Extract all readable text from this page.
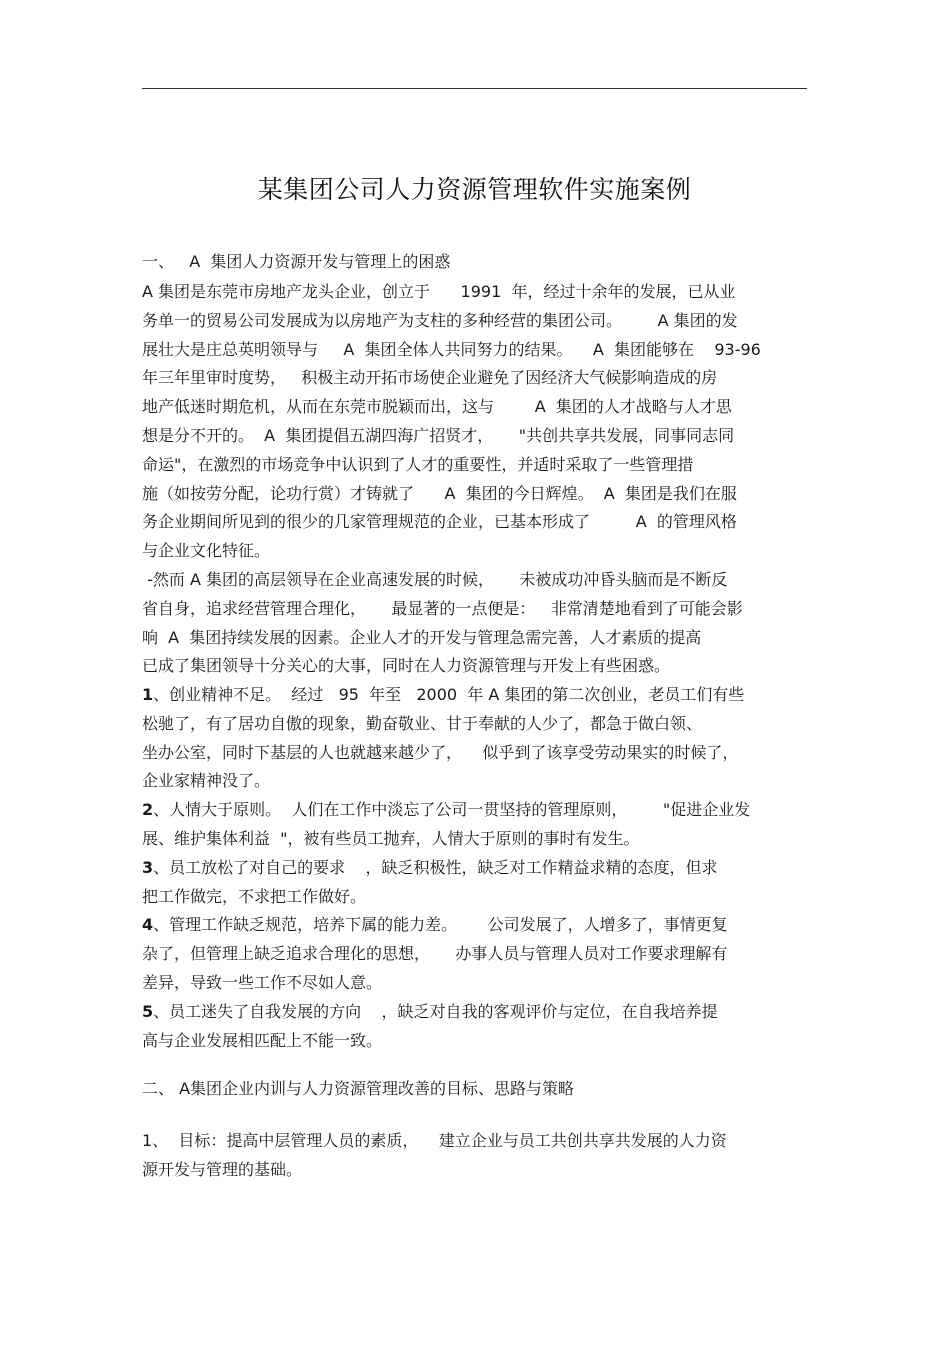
某集团公司人力资源管理软件实施案例
一、   A  集团人力资源开发与管理上的困惑
A 集团是东莞市房地产龙头企业，创立于      1991  年，经过十余年的发展，已从业
务单一的贸易公司发展成为以房地产为支柱的多种经营的集团公司。       A 集团的发
展壮大是庄总英明领导与     A  集团全体人共同努力的结果。    A  集团能够在    93-96
年三年里审时度势，   积极主动开拓市场使企业避免了因经济大气候影响造成的房
地产低迷时期危机，从而在东莞市脱颖而出，这与        A  集团的人才战略与人才思
想是分不开的。  A  集团提倡五湖四海广招贤才，     "共创共享共发展，同事同志同
命运"，在激烈的市场竞争中认识到了人才的重要性，并适时采取了一些管理措
施（如按劳分配，论功行赏）才铸就了      A  集团的今日辉煌。  A  集团是我们在服
务企业期间所见到的很少的几家管理规范的企业，已基本形成了         A  的管理风格
与企业文化特征。
-然而 A 集团的高层领导在企业高速发展的时候，     未被成功冲昏头脑而是不断反
省自身，追求经营管理合理化，     最显著的一点便是：   非常清楚地看到了可能会影
响  A  集团持续发展的因素。企业人才的开发与管理急需完善，人才素质的提高
已成了集团领导十分关心的大事，同时在人力资源管理与开发上有些困惑。
1、创业精神不足。  经过   95  年至   2000  年 A 集团的第二次创业，老员工们有些
松驰了，有了居功自傲的现象，勤奋敬业、甘于奉献的人少了，都急于做白领、
坐办公室，同时下基层的人也就越来越少了，    似乎到了该享受劳动果实的时候了，
企业家精神没了。
2、人情大于原则。  人们在工作中淡忘了公司一贯坚持的管理原则，       "促进企业发
展、维护集体利益  "，被有些员工抛弃，人情大于原则的事时有发生。
3、员工放松了对自己的要求    ，缺乏积极性，缺乏对工作精益求精的态度，但求
把工作做完，不求把工作做好。
4、管理工作缺乏规范，培养下属的能力差。      公司发展了，人增多了，事情更复
杂了，但管理上缺乏追求合理化的思想，     办事人员与管理人员对工作要求理解有
差异，导致一些工作不尽如人意。
5、员工迷失了自我发展的方向    ，缺乏对自我的客观评价与定位，在自我培养提
高与企业发展相匹配上不能一致。
二、 A集团企业内训与人力资源管理改善的目标、思路与策略
1、  目标：提高中层管理人员的素质，    建立企业与员工共创共享共发展的人力资
源开发与管理的基础。
